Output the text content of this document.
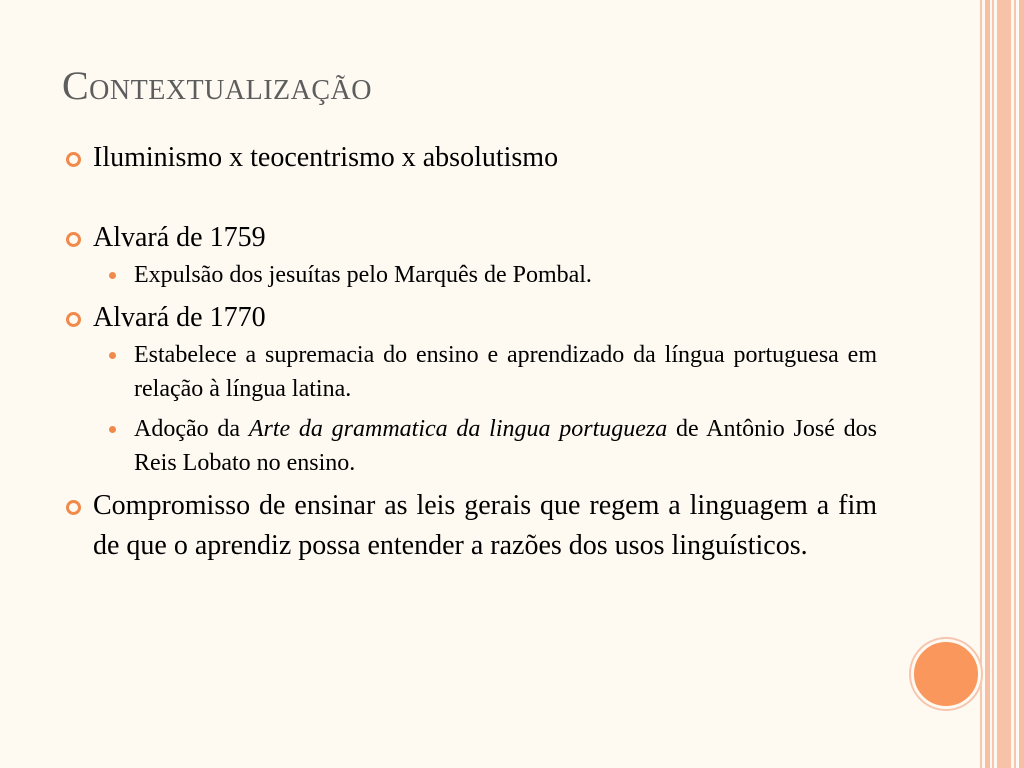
Contextualização
Iluminismo x teocentrismo x absolutismo
Alvará de 1759
Expulsão dos jesuítas pelo Marquês de Pombal.
Alvará de 1770
Estabelece a supremacia do ensino e aprendizado da língua portuguesa em relação à língua latina.
Adoção da Arte da grammatica da lingua portugueza de Antônio José dos Reis Lobato no ensino.
Compromisso de ensinar as leis gerais que regem a linguagem a fim de que o aprendiz possa entender a razões dos usos linguísticos.
